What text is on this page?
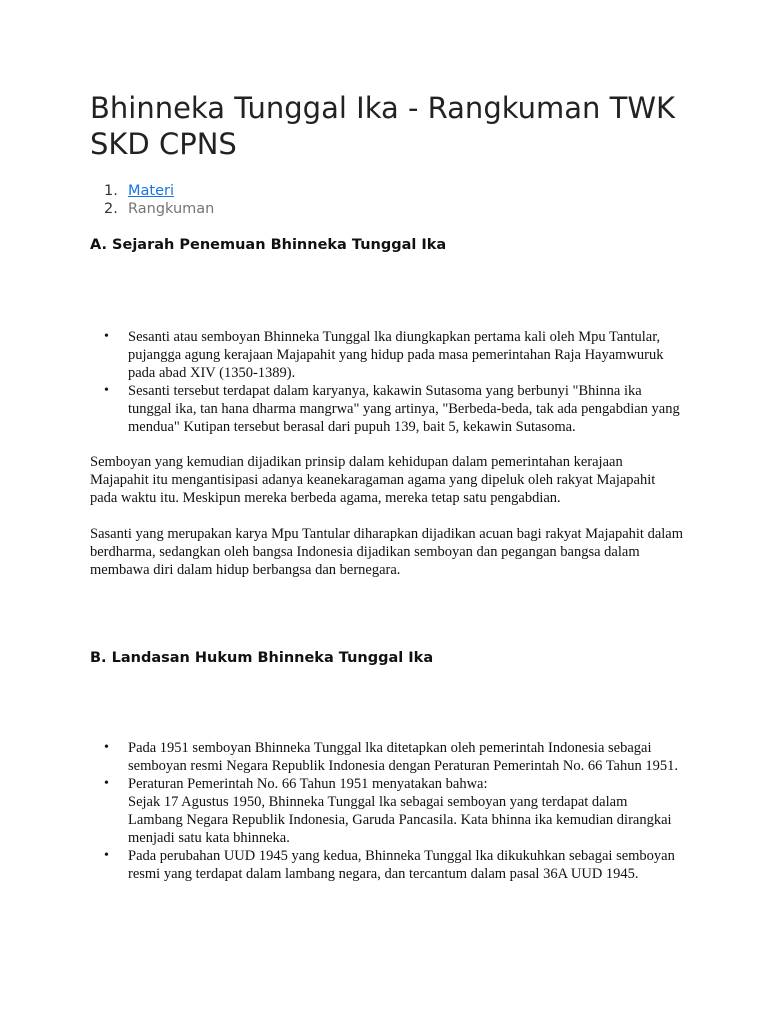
Bhinneka Tunggal Ika - Rangkuman TWK SKD CPNS
1. Materi
2. Rangkuman
A. Sejarah Penemuan Bhinneka Tunggal Ika
• Sesanti atau semboyan Bhinneka Tunggal lka diungkapkan pertama kali oleh Mpu Tantular, pujangga agung kerajaan Majapahit yang hidup pada masa pemerintahan Raja Hayamwuruk pada abad XIV (1350-1389).
• Sesanti tersebut terdapat dalam karyanya, kakawin Sutasoma yang berbunyi "Bhinna ika tunggal ika, tan hana dharma mangrwa" yang artinya, "Berbeda-beda, tak ada pengabdian yang mendua" Kutipan tersebut berasal dari pupuh 139, bait 5, kekawin Sutasoma.

Semboyan yang kemudian dijadikan prinsip dalam kehidupan dalam pemerintahan kerajaan Majapahit itu mengantisipasi adanya keanekaragaman agama yang dipeluk oleh rakyat Majapahit pada waktu itu. Meskipun mereka berbeda agama, mereka tetap satu pengabdian.

Sasanti yang merupakan karya Mpu Tantular diharapkan dijadikan acuan bagi rakyat Majapahit dalam berdharma, sedangkan oleh bangsa Indonesia dijadikan semboyan dan pegangan bangsa dalam membawa diri dalam hidup berbangsa dan bernegara.

B. Landasan Hukum Bhinneka Tunggal Ika
• Pada 1951 semboyan Bhinneka Tunggal lka ditetapkan oleh pemerintah Indonesia sebagai semboyan resmi Negara Republik Indonesia dengan Peraturan Pemerintah No. 66 Tahun 1951.
• Peraturan Pemerintah No. 66 Tahun 1951 menyatakan bahwa:
Sejak 17 Agustus 1950, Bhinneka Tunggal lka sebagai semboyan yang terdapat dalam Lambang Negara Republik Indonesia, Garuda Pancasila. Kata bhinna ika kemudian dirangkai menjadi satu kata bhinneka.
• Pada perubahan UUD 1945 yang kedua, Bhinneka Tunggal lka dikukuhkan sebagai semboyan resmi yang terdapat dalam lambang negara, dan tercantum dalam pasal 36A UUD 1945.
